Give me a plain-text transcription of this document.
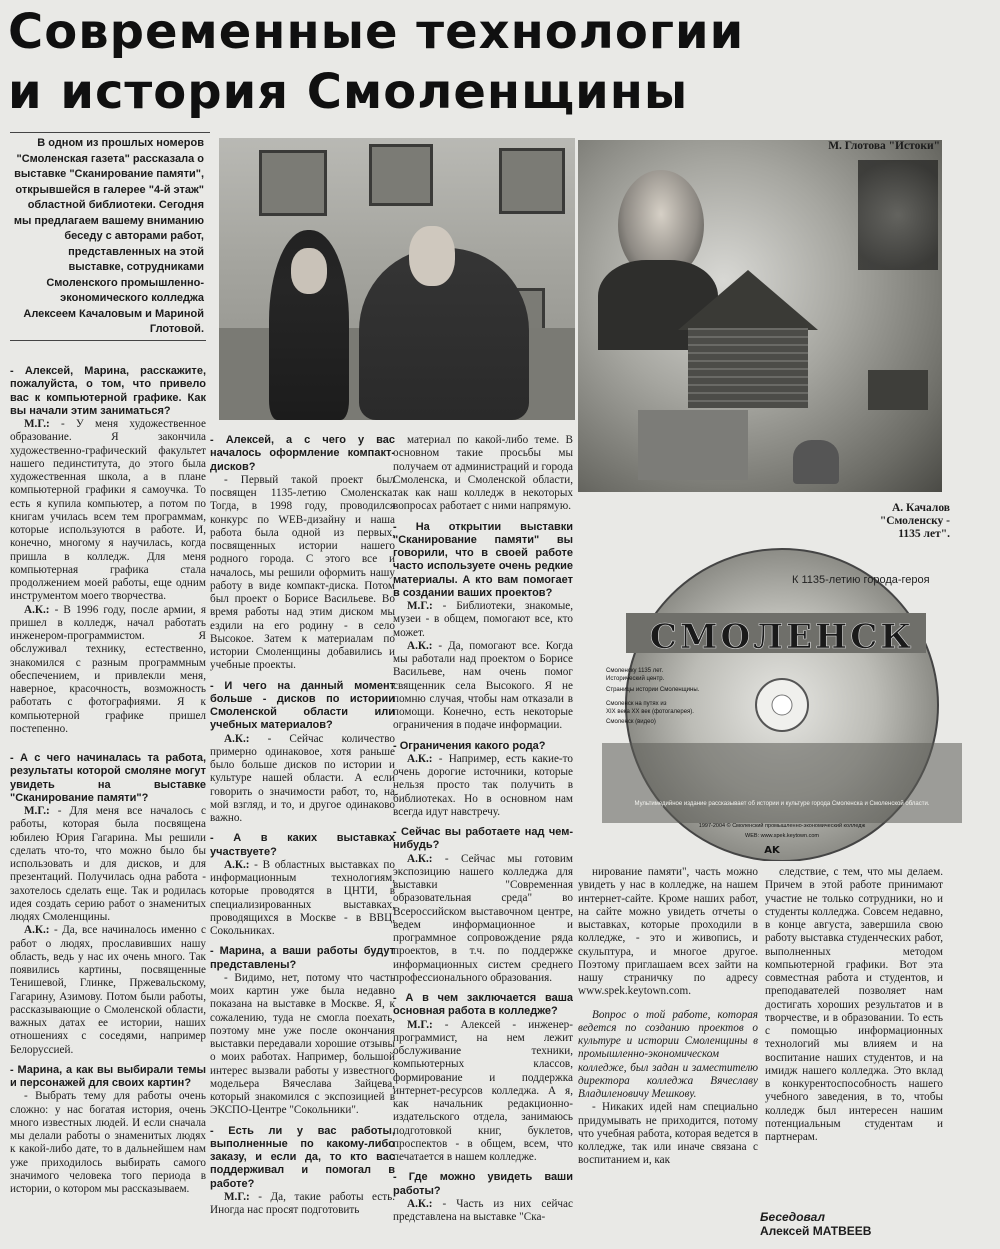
Современные технологии
и история Смоленщины
В одном из прошлых номеров "Смоленская газета" рассказала о выставке "Сканирование памяти", открывшейся в галерее "4-й этаж" областной библиотеки. Сегодня мы предлагаем вашему вниманию беседу с авторами работ, представленных на этой выставке, сотрудниками Смоленского промышленно-экономического колледжа Алексеем Качаловым и Мариной Глотовой.
М. Глотова "Истоки"
А. Качалов
"Смоленску -
1135 лет".
К 1135-летию города-героя
СМОЛЕНСК
Смоленску 1135 лет.
Исторический центр.
Страницы истории Смоленщины.
Смоленск на путях из
ХIХ века ХХ век (фотогалерея).
Смоленск (видео)
Мультимедийное издание рассказывает об истории и культуре города Смоленска и Смоленской области.
1997-2004 © Смоленский промышленно-экономический колледж
WEB: www.spek.keytown.com
AK

- Алексей, Марина, расскажите, пожалуйста, о том, что привело вас к компьютерной графике. Как вы начали этим заниматься?

М.Г.: - У меня художественное образование. Я закончила художественно-графический факультет нашего пединститута, до этого была художественная школа, а в плане компьютерной графики я самоучка. То есть я купила компьютер, а потом по книгам училась всем тем программам, которые используются в работе. И, конечно, многому я научилась, когда пришла в колледж. Для меня компьютерная графика стала продолжением моей работы, еще одним инструментом моего творчества.

А.К.: - В 1996 году, после армии, я пришел в колледж, начал работать инженером-программистом. Я обслуживал технику, естественно, знакомился с разным программным обеспечением, и привлекли меня, наверное, красочность, возможность работать с фотографиями. Я к компьютерной графике пришел постепенно.

- А с чего начиналась та работа, результаты которой смоляне могут увидеть на выставке "Сканирование памяти"?

М.Г.: - Для меня все началось с работы, которая была посвящена юбилею Юрия Гагарина. Мы решили сделать что-то, что можно было бы использовать и для дисков, и для презентаций. Получилась одна работа - захотелось сделать еще. Так и родилась идея создать серию работ о знаменитых людях Смоленщины.

А.К.: - Да, все начиналось именно с работ о людях, прославивших нашу область, ведь у нас их очень много. Так появились картины, посвященные Тенишевой, Глинке, Пржевальскому, Гагарину, Азимову. Потом были работы, рассказывающие о Смоленской области, важных датах ее истории, наших отношениях с соседями, например Белоруссией.

- Марина, а как вы выбирали темы и персонажей для своих картин?

- Выбрать тему для работы очень сложно: у нас богатая история, очень много известных людей. И если сначала мы делали работы о знаменитых людях к какой-либо дате, то в дальнейшем нам уже приходилось выбирать самого значимого человека того периода в истории, о котором мы рассказываем.

- Алексей, а с чего у вас началось оформление компакт-дисков?

- Первый такой проект был посвящен 1135-летию Смоленска. Тогда, в 1998 году, проводился конкурс по WEB-дизайну и наша работа была одной из первых, посвященных истории нашего родного города. С этого все и началось, мы решили оформить нашу работу в виде компакт-диска. Потом был проект о Борисе Васильеве. Во время работы над этим диском мы ездили на его родину - в село Высокое. Затем к материалам по истории Смоленщины добавились и учебные проекты.

- И чего на данный момент больше - дисков по истории Смоленской области или учебных материалов?

А.К.: - Сейчас количество примерно одинаковое, хотя раньше было больше дисков по истории и культуре нашей области. А если говорить о значимости работ, то, на мой взгляд, и то, и другое одинаково важно.

- А в каких выставках участвуете?

А.К.: - В областных выставках по информационным технологиям, которые проводятся в ЦНТИ, в специализированных выставках, проводящихся в Москве - в ВВЦ, Сокольниках.

- Марина, а ваши работы будут представлены?

- Видимо, нет, потому что часть моих картин уже была недавно показана на выставке в Москве. Я, к сожалению, туда не смогла поехать, поэтому мне уже после окончания выставки передавали хорошие отзывы о моих работах. Например, большой интерес вызвали работы у известного модельера Вячеслава Зайцева, который знакомился с экспозицией в ЭКСПО-Центре "Сокольники".

- Есть ли у вас работы, выполненные по какому-либо заказу, и если да, то кто вас поддерживал и помогал в работе?

М.Г.: - Да, такие работы есть. Иногда нас просят подготовить

материал по какой-либо теме. В основном такие просьбы мы получаем от администраций и города Смоленска, и Смоленской области, так как наш колледж в некоторых вопросах работает с ними напрямую.

- На открытии выставки "Сканирование памяти" вы говорили, что в своей работе часто используете очень редкие материалы. А кто вам помогает в создании ваших проектов?

М.Г.: - Библиотеки, знакомые, музеи - в общем, помогают все, кто может.

А.К.: - Да, помогают все. Когда мы работали над проектом о Борисе Васильеве, нам очень помог священник села Высокого. Я не помню случая, чтобы нам отказали в помощи. Конечно, есть некоторые ограничения в подаче информации.

- Ограничения какого рода?

А.К.: - Например, есть какие-то очень дорогие источники, которые нельзя просто так получить в библиотеках. Но в основном нам всегда идут навстречу.

- Сейчас вы работаете над чем-нибудь?

А.К.: - Сейчас мы готовим экспозицию нашего колледжа для выставки "Современная образовательная среда" во Всероссийском выставочном центре, ведем информационное и программное сопровождение ряда проектов, в т.ч. по поддержке информационных систем среднего профессионального образования.

- А в чем заключается ваша основная работа в колледже?

М.Г.: - Алексей - инженер-программист, на нем лежит обслуживание техники, компьютерных классов, формирование и поддержка интернет-ресурсов колледжа. А я, как начальник редакционно-издательского отдела, занимаюсь подготовкой книг, буклетов, проспектов - в общем, всем, что печатается в нашем колледже.

- Где можно увидеть ваши работы?

А.К.: - Часть из них сейчас представлена на выставке "Ска-

нирование памяти", часть можно увидеть у нас в колледже, на нашем интернет-сайте. Кроме наших работ, на сайте можно увидеть отчеты о выставках, которые проходили в колледже, - это и живопись, и скульптура, и многое другое. Поэтому приглашаем всех зайти на нашу страничку по адресу www.spek.keytown.com.

Вопрос о той работе, которая ведется по созданию проектов о культуре и истории Смоленщины в промышленно-экономическом колледже, был задан и заместителю директора колледжа Вячеславу Владиленовичу Мешкову.

- Никаких идей нам специально придумывать не приходится, потому что учебная работа, которая ведется в колледже, так или иначе связана с воспитанием и, как

следствие, с тем, что мы делаем. Причем в этой работе принимают участие не только сотрудники, но и студенты колледжа. Совсем недавно, в конце августа, завершила свою работу выставка студенческих работ, выполненных методом компьютерной графики. Вот эта совместная работа и студентов, и преподавателей позволяет нам достигать хороших результатов и в творчестве, и в образовании. То есть с помощью информационных технологий мы влияем и на воспитание наших студентов, и на имидж нашего колледжа. Это вклад в конкурентоспособность нашего учебного заведения, в то, чтобы колледж был интересен нашим потенциальным студентам и партнерам.

Беседовал
Алексей МАТВЕЕВ
